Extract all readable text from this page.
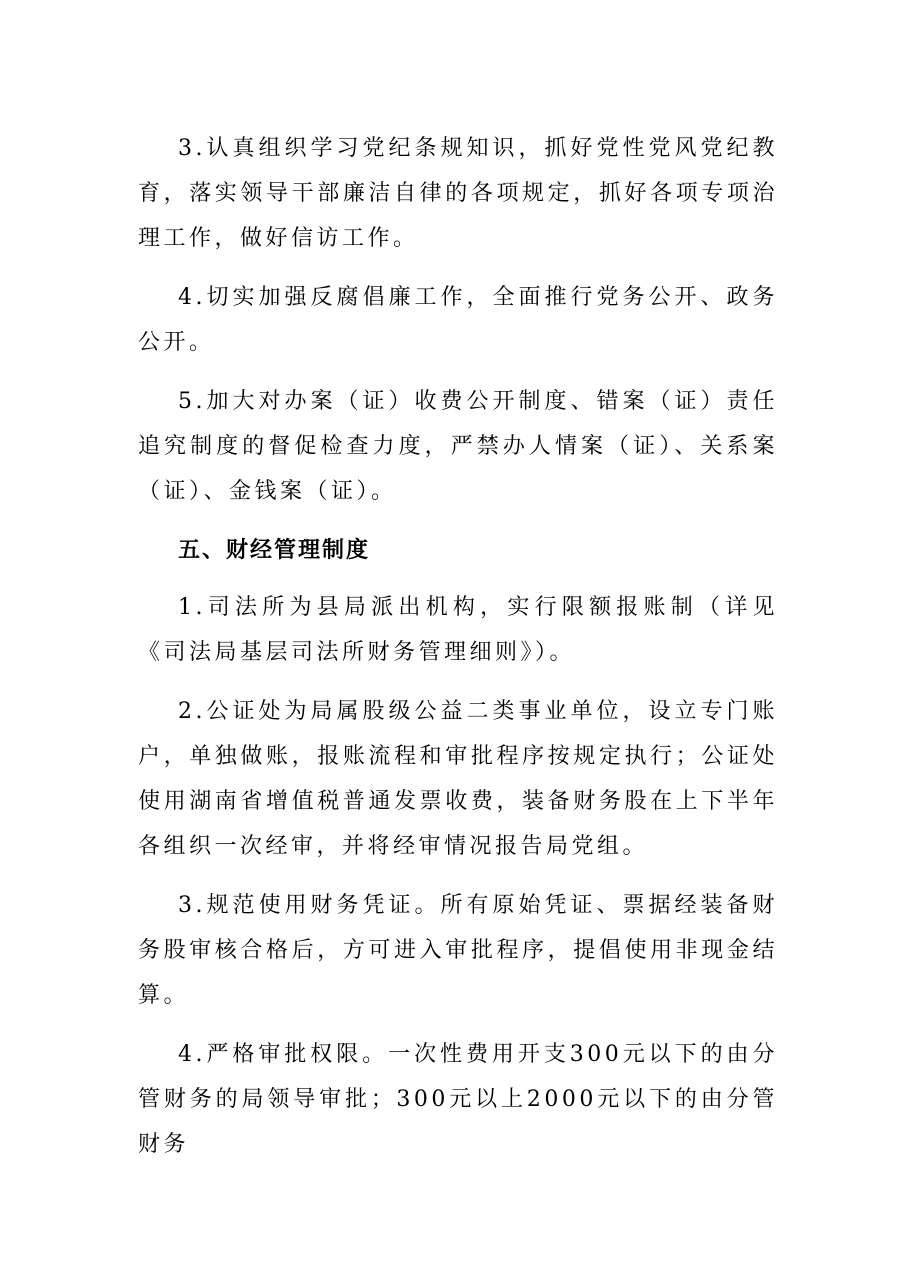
3.认真组织学习党纪条规知识，抓好党性党风党纪教育，落实领导干部廉洁自律的各项规定，抓好各项专项治理工作，做好信访工作。

4.切实加强反腐倡廉工作，全面推行党务公开、政务公开。

5.加大对办案（证）收费公开制度、错案（证）责任追究制度的督促检查力度，严禁办人情案（证）、关系案（证）、金钱案（证）。

五、财经管理制度

1.司法所为县局派出机构，实行限额报账制（详见《司法局基层司法所财务管理细则》）。

2.公证处为局属股级公益二类事业单位，设立专门账户，单独做账，报账流程和审批程序按规定执行；公证处使用湖南省增值税普通发票收费，装备财务股在上下半年各组织一次经审，并将经审情况报告局党组。

3.规范使用财务凭证。所有原始凭证、票据经装备财务股审核合格后，方可进入审批程序，提倡使用非现金结算。

4.严格审批权限。一次性费用开支300元以下的由分管财务的局领导审批；300元以上2000元以下的由分管财务
